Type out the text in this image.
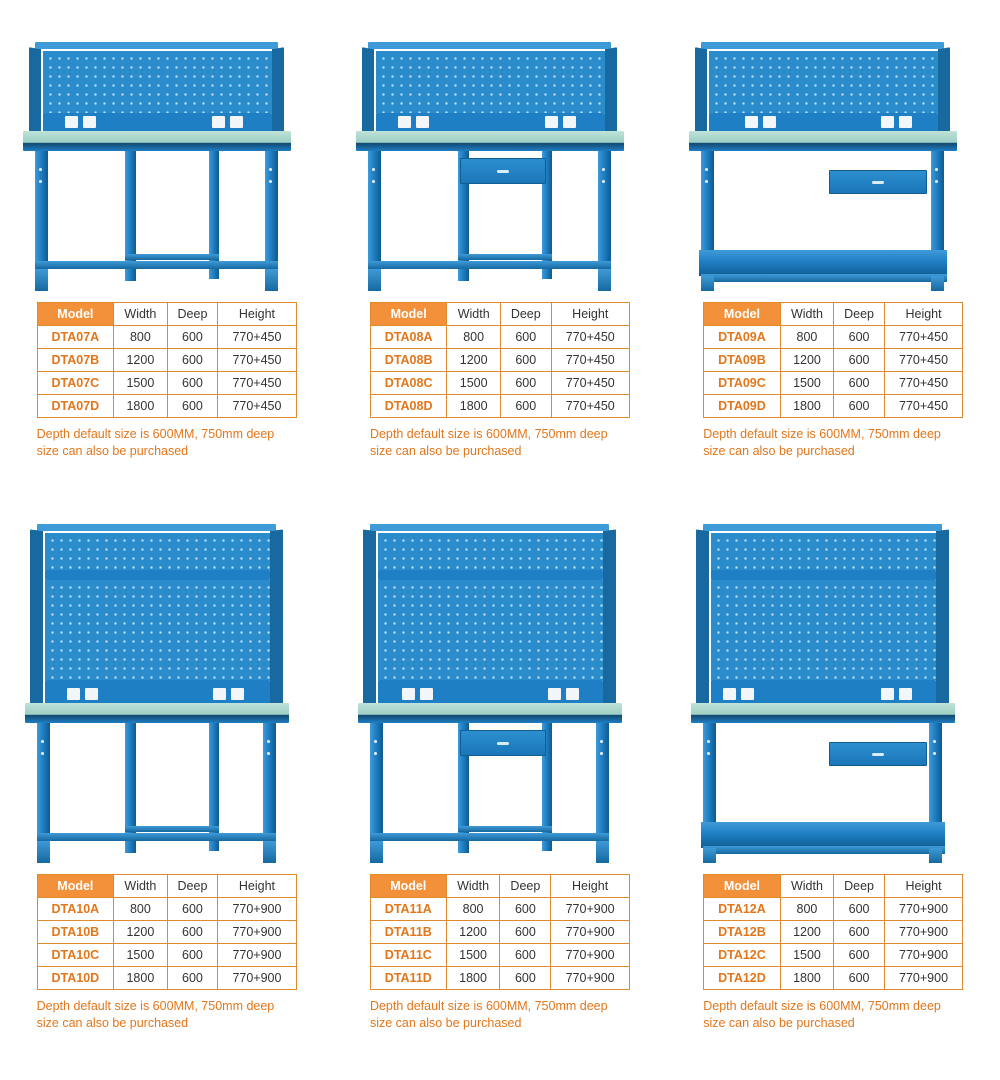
Model	Width	Deep	Height
DTA07A	800	600	770+450
DTA07B	1200	600	770+450
DTA07C	1500	600	770+450
DTA07D	1800	600	770+450
Depth default size is 600MM, 750mm deep size can also be purchased
Model	Width	Deep	Height
DTA08A	800	600	770+450
DTA08B	1200	600	770+450
DTA08C	1500	600	770+450
DTA08D	1800	600	770+450
Depth default size is 600MM, 750mm deep size can also be purchased
Model	Width	Deep	Height
DTA09A	800	600	770+450
DTA09B	1200	600	770+450
DTA09C	1500	600	770+450
DTA09D	1800	600	770+450
Depth default size is 600MM, 750mm deep size can also be purchased
Model	Width	Deep	Height
DTA10A	800	600	770+900
DTA10B	1200	600	770+900
DTA10C	1500	600	770+900
DTA10D	1800	600	770+900
Depth default size is 600MM, 750mm deep size can also be purchased
Model	Width	Deep	Height
DTA11A	800	600	770+900
DTA11B	1200	600	770+900
DTA11C	1500	600	770+900
DTA11D	1800	600	770+900
Depth default size is 600MM, 750mm deep size can also be purchased
Model	Width	Deep	Height
DTA12A	800	600	770+900
DTA12B	1200	600	770+900
DTA12C	1500	600	770+900
DTA12D	1800	600	770+900
Depth default size is 600MM, 750mm deep size can also be purchased
